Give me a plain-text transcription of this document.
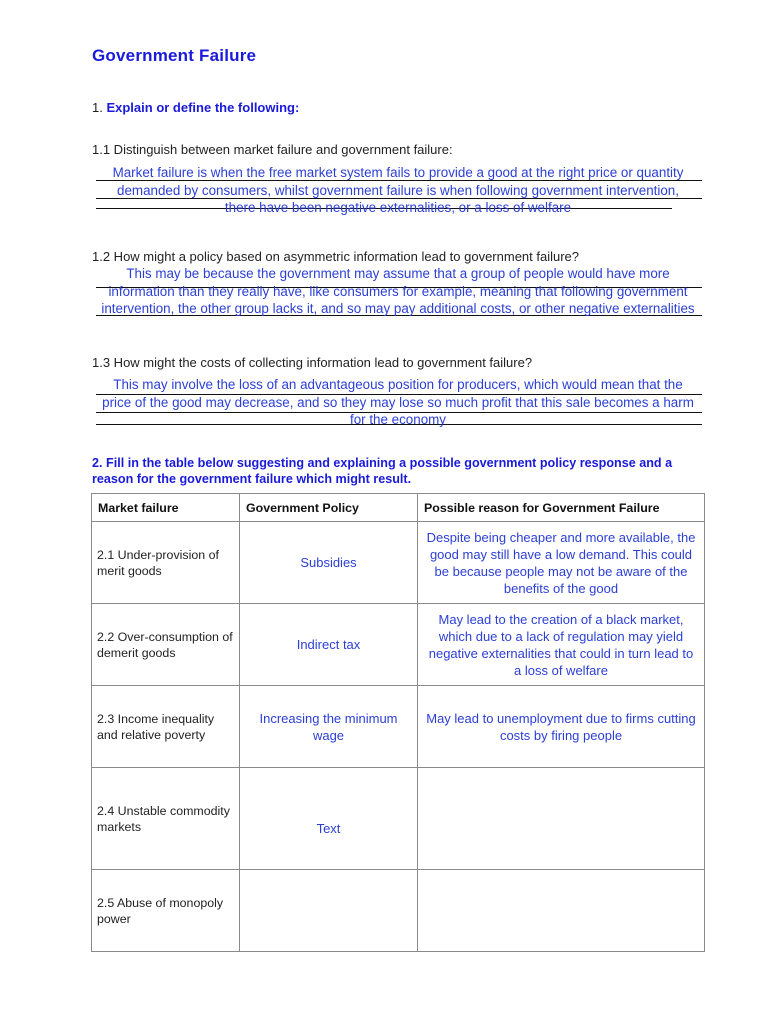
Government Failure
1. Explain or define the following:
1.1 Distinguish between market failure and government failure:
Market failure is when the free market system fails to provide a good at the right price or quantity demanded by consumers, whilst government failure is when following government intervention, there have been negative externalities, or a loss of welfare
1.2 How might a policy based on asymmetric information lead to government failure?
This may be because the government may assume that a group of people would have more information than they really have, like consumers for example, meaning that following government intervention, the other group lacks it, and so may pay additional costs, or other negative externalities
1.3 How might the costs of collecting information lead to government failure?
This may involve the loss of an advantageous position for producers, which would mean that the price of the good may decrease, and so they may lose so much profit that this sale becomes a harm for the economy
2. Fill in the table below suggesting and explaining a possible government policy response and a reason for the government failure which might result.
Market failure	Government Policy	Possible reason for Government Failure
2.1 Under-provision of merit goods	Subsidies	Despite being cheaper and more available, the good may still have a low demand. This could be because people may not be aware of the benefits of the good
2.2 Over-consumption of demerit goods	Indirect tax	May lead to the creation of a black market, which due to a lack of regulation may yield negative externalities that could in turn lead to a loss of welfare
2.3 Income inequality and relative poverty	Increasing the minimum wage	May lead to unemployment due to firms cutting costs by firing people
2.4 Unstable commodity markets	Text	
2.5 Abuse of monopoly power		
